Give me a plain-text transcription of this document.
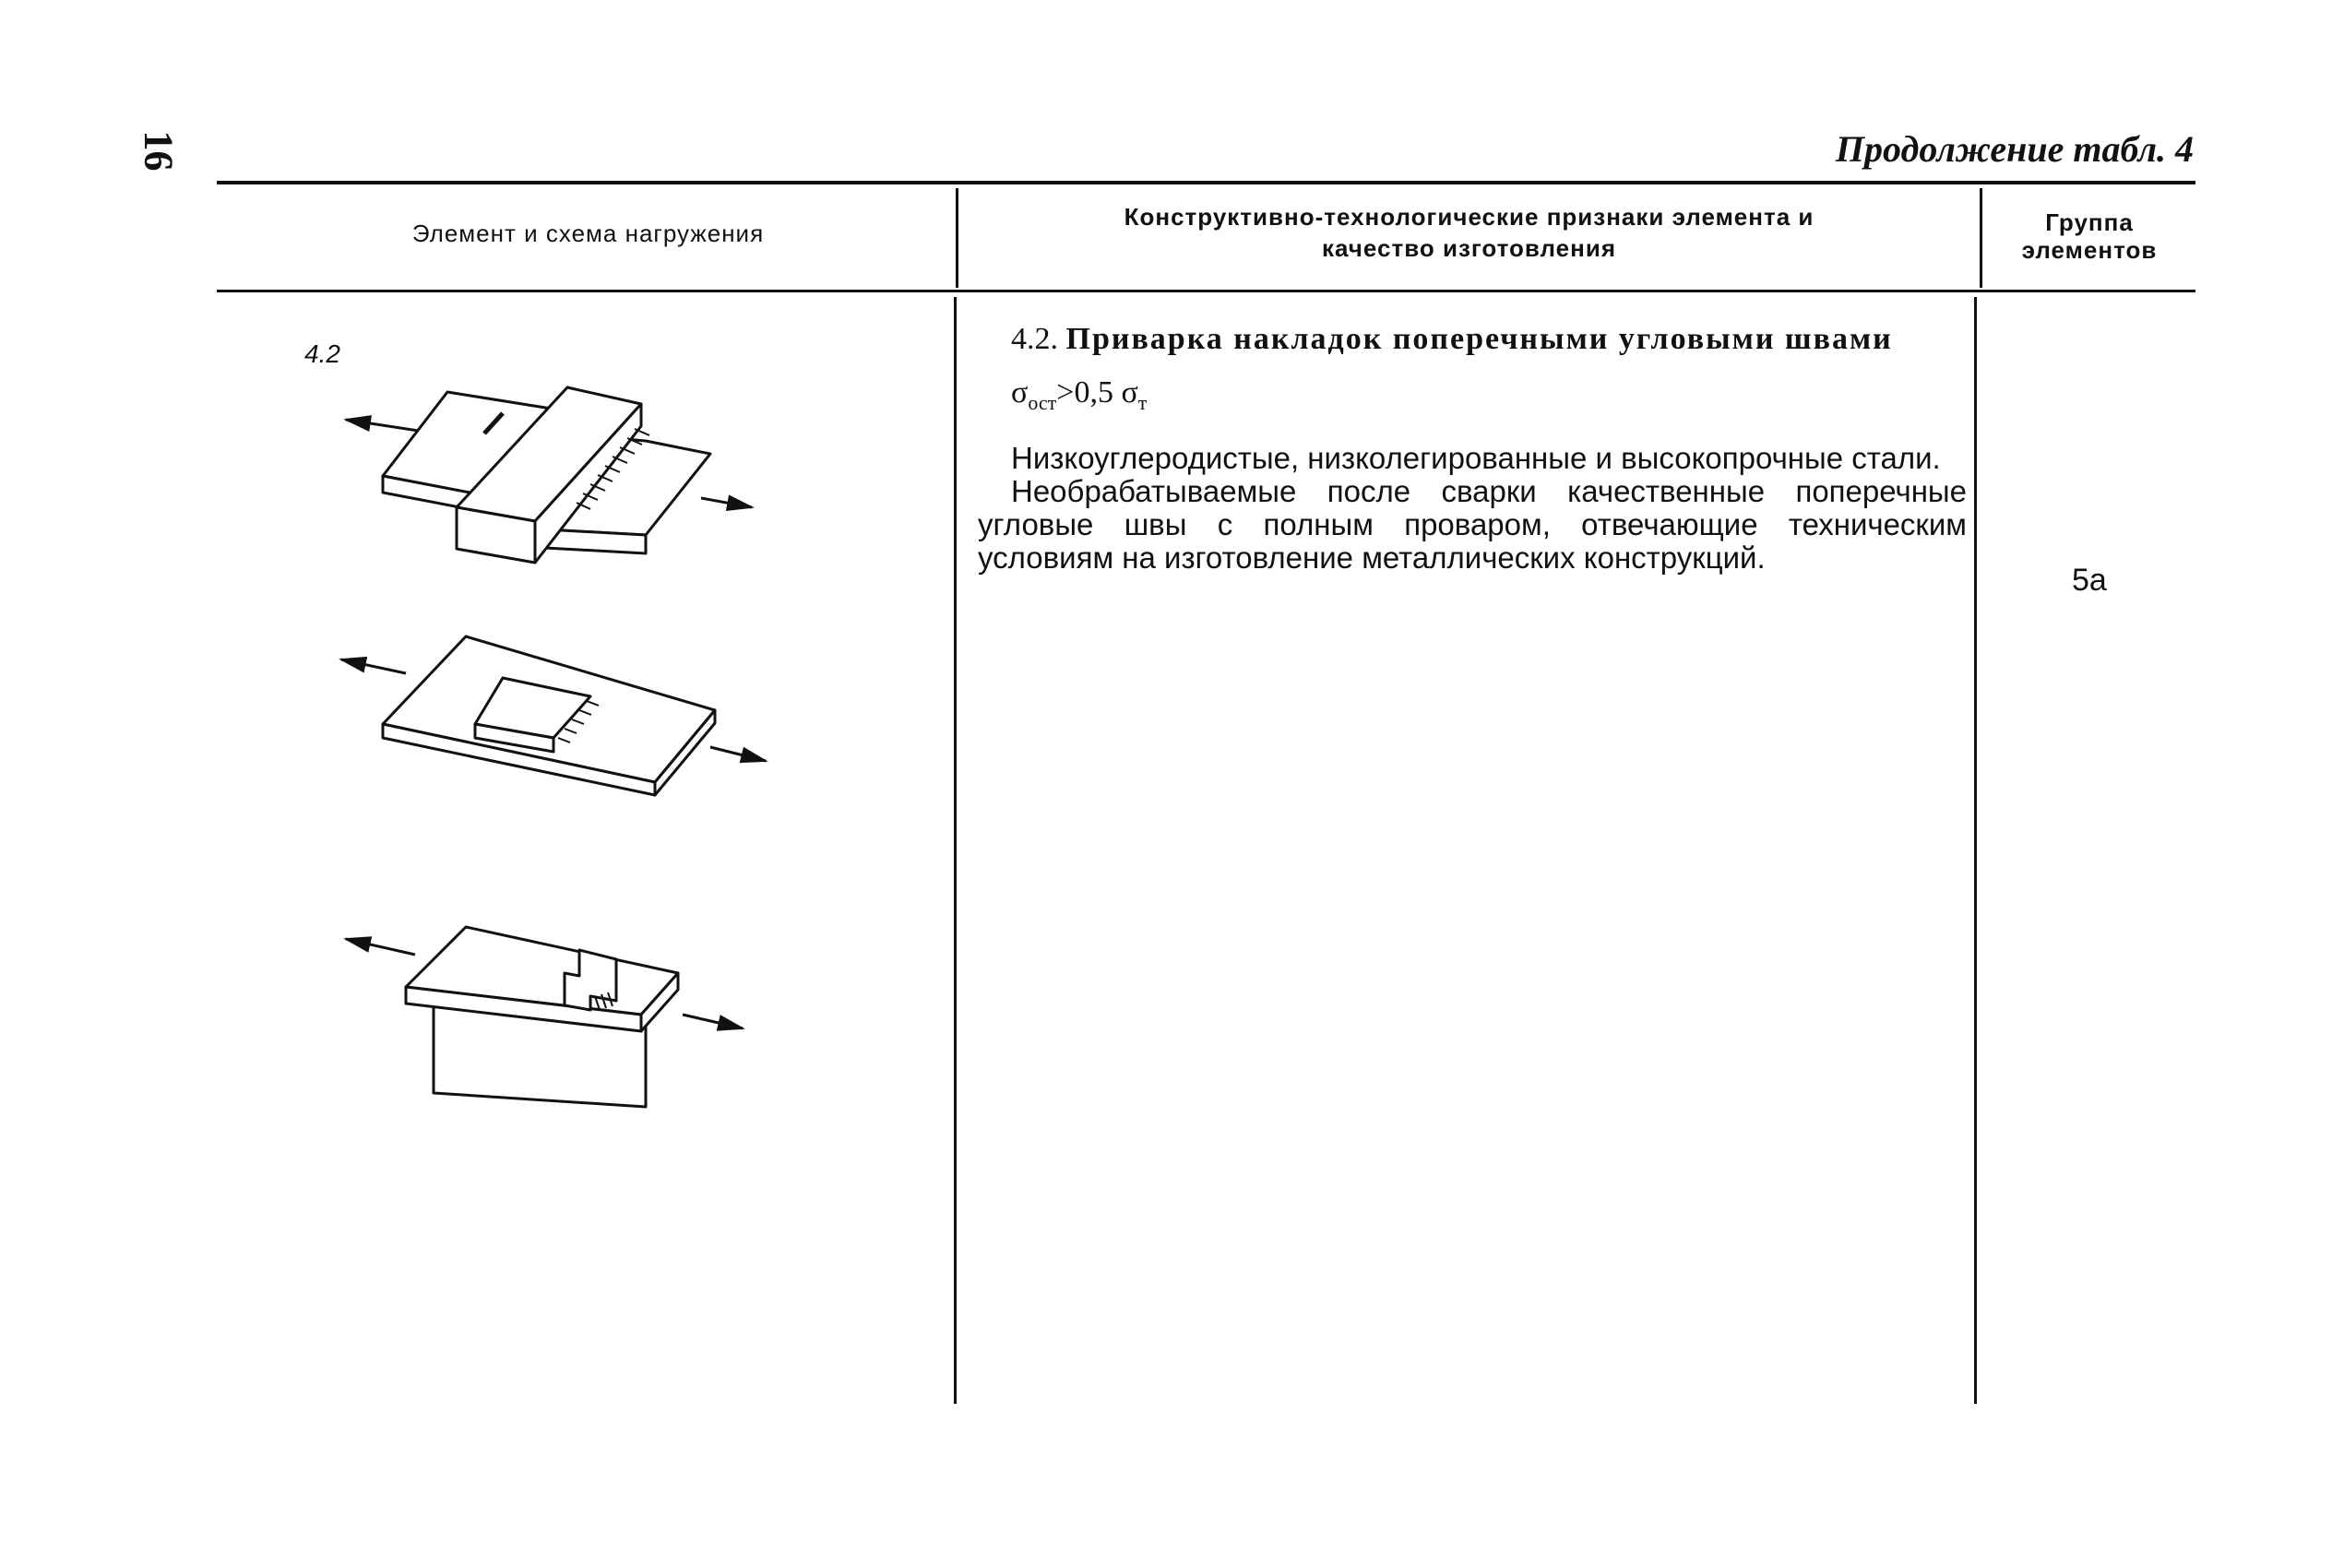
16	Продолжение табл. 4
Элемент и схема нагружения
Конструктивно-технологические признаки элемента и
качество изготовления
Группа
элементов
4.2	4.2. Приварка накладок поперечными угловыми швами
$\sigma_{ост}>0,5$ $\sigma_т$

Низкоуглеродистые, низколегированные и высокопрочные стали.

Необрабатываемые после сварки качественные поперечные угловые швы с полным проваром, отвечающие техническим условиям на изготовление металлических конструкций.

5а
